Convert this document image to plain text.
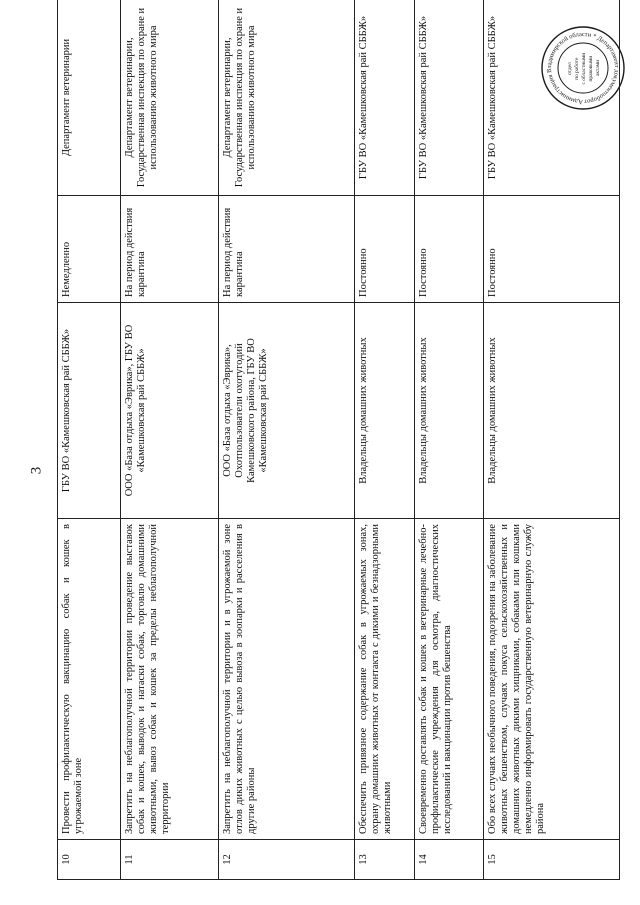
3
10	Провести профилактическую вакцинацию собак и кошек в угрожаемой зоне	ГБУ ВО «Камешковская рай СББЖ»	Немедленно	Департамент ветеринарии
11	Запретить на неблагополучной территории проведение выставок собак и кошек, выводок и натаски собак, торговлю домашними животными, вывоз собак и кошек за пределы неблагополучной территории	ООО «База отдыха «Эврика», ГБУ ВО «Камешковская рай СББЖ»	На период действия карантина	Департамент ветеринарии, Государственная инспекция по охране и использованию животного мира
12	Запретить на неблагополучной территории и в угрожаемой зоне отлов диких животных с целью вывоза в зоопарки и расселения в другие районы	ООО «База отдыха «Эврика», Охотпользователи охотугодий Камешковского района, ГБУ ВО «Камешковская рай СББЖ»	На период действия карантина	Департамент ветеринарии, Государственная инспекция по охране и использованию животного мира
13	Обеспечить привязное содержание собак в угрожаемых зонах, охрану домашних животных от контакта с дикими и безнадзорными животными	Владельцы домашних животных	Постоянно	ГБУ ВО «Камешковская рай СББЖ»
14	Своевременно доставлять собак и кошек в ветеринарные лечебно-профилактические учреждения для осмотра, диагностических исследований и вакцинации против бешенства	Владельцы домашних животных	Постоянно	ГБУ ВО «Камешковская рай СББЖ»
15	Обо всех случаях необычного поведения, подозрения на заболевание животных бешенством, случаях покуса сельскохозяйственных и домашних животных дикими хищниками, собаками или кошками немедленно информировать государственную ветеринарную службу района	Владельцы домашних животных	Постоянно	ГБУ ВО «Камешковская рай СББЖ»	Администрация Владимирской области * Департамент документооборот
отдел по работе с областными правовыми актами
